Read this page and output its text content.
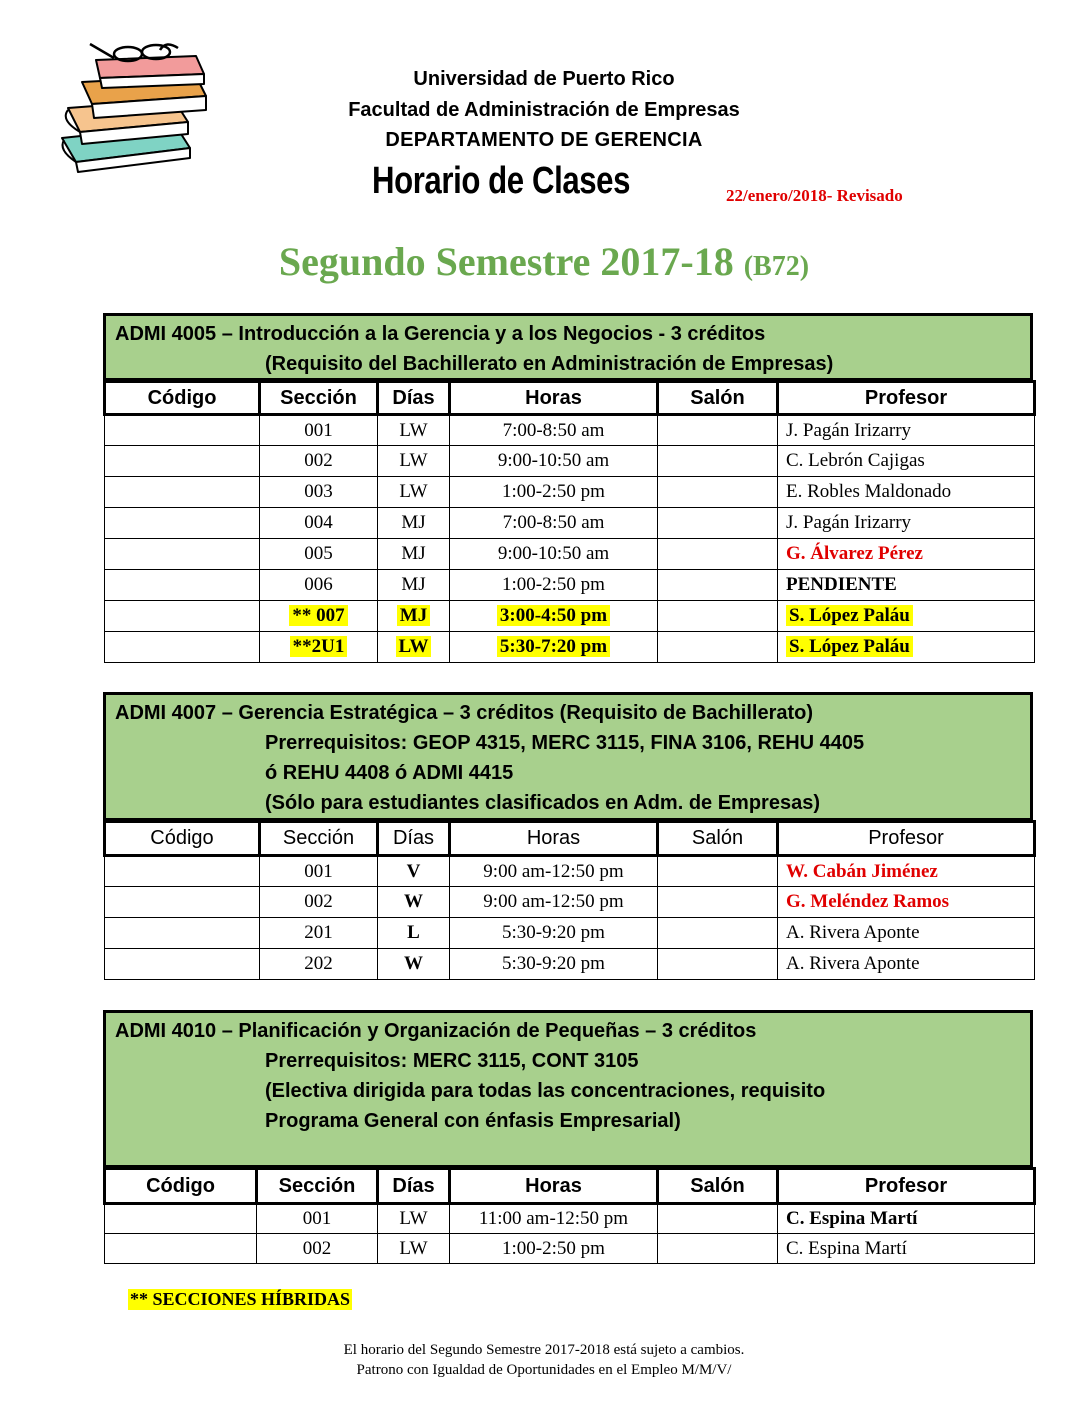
Universidad de Puerto Rico
Facultad de Administración de Empresas
DEPARTAMENTO DE GERENCIA
Horario de Clases	22/enero/2018- Revisado
Segundo Semestre 2017-18 (B72)
ADMI 4005 – Introducción a la Gerencia y a los Negocios - 3 créditos
(Requisito del Bachillerato en Administración de Empresas)
Código	Sección	Días	Horas	Salón	Profesor
	001	LW	7:00-8:50 am		J. Pagán Irizarry
	002	LW	9:00-10:50 am		C. Lebrón Cajigas
	003	LW	1:00-2:50 pm		E. Robles Maldonado
	004	MJ	7:00-8:50 am		J. Pagán Irizarry
	005	MJ	9:00-10:50 am		G. Álvarez Pérez
	006	MJ	1:00-2:50 pm		PENDIENTE
	** 007	MJ	3:00-4:50 pm		S. López Paláu
	**2U1	LW	5:30-7:20 pm		S. López Paláu
ADMI 4007 – Gerencia Estratégica – 3 créditos (Requisito de Bachillerato)
Prerrequisitos: GEOP 4315, MERC 3115, FINA 3106, REHU 4405
ó REHU 4408 ó ADMI 4415
(Sólo para estudiantes clasificados en Adm. de Empresas)
Código	Sección	Días	Horas	Salón	Profesor
	001	V	9:00 am-12:50 pm		W. Cabán Jiménez
	002	W	9:00 am-12:50 pm		G. Meléndez Ramos
	201	L	5:30-9:20 pm		A. Rivera Aponte
	202	W	5:30-9:20 pm		A. Rivera Aponte
ADMI 4010 – Planificación y Organización de Pequeñas – 3 créditos
Prerrequisitos: MERC 3115, CONT 3105
(Electiva dirigida para todas las concentraciones, requisito
Programa General con énfasis Empresarial)
Código	Sección	Días	Horas	Salón	Profesor
	001	LW	11:00 am-12:50 pm		C. Espina Martí
	002	LW	1:00-2:50 pm		C. Espina Martí
** SECCIONES HÍBRIDAS
El horario del Segundo Semestre 2017-2018 está sujeto a cambios.
Patrono con Igualdad de Oportunidades en el Empleo M/M/V/
